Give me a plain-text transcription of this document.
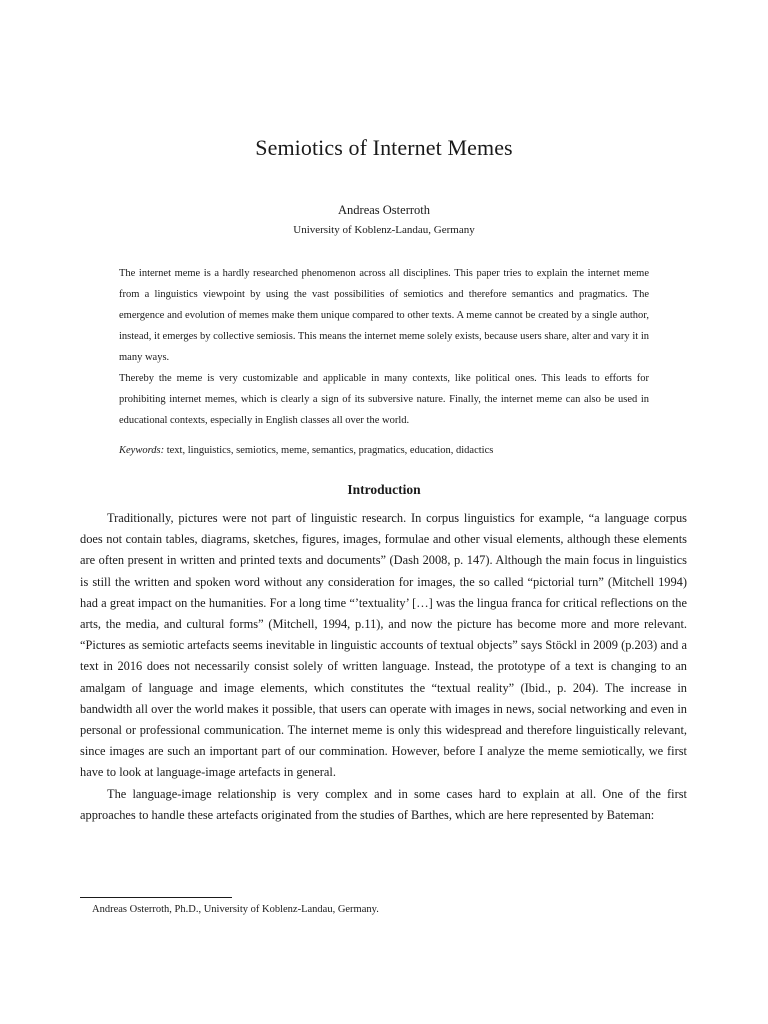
Semiotics of Internet Memes
Andreas Osterroth
University of Koblenz-Landau, Germany

The internet meme is a hardly researched phenomenon across all disciplines. This paper tries to explain the internet meme from a linguistics viewpoint by using the vast possibilities of semiotics and therefore semantics and pragmatics. The emergence and evolution of memes make them unique compared to other texts. A meme cannot be created by a single author, instead, it emerges by collective semiosis. This means the internet meme solely exists, because users share, alter and vary it in many ways.

Thereby the meme is very customizable and applicable in many contexts, like political ones. This leads to efforts for prohibiting internet memes, which is clearly a sign of its subversive nature. Finally, the internet meme can also be used in educational contexts, especially in English classes all over the world.

Keywords: text, linguistics, semiotics, meme, semantics, pragmatics, education, didactics
Introduction

Traditionally, pictures were not part of linguistic research. In corpus linguistics for example, “a language corpus does not contain tables, diagrams, sketches, figures, images, formulae and other visual elements, although these elements are often present in written and printed texts and documents” (Dash 2008, p. 147). Although the main focus in linguistics is still the written and spoken word without any consideration for images, the so called “pictorial turn” (Mitchell 1994) had a great impact on the humanities. For a long time “’textuality’ […] was the lingua franca for critical reflections on the arts, the media, and cultural forms” (Mitchell, 1994, p.11), and now the picture has become more and more relevant. “Pictures as semiotic artefacts seems inevitable in linguistic accounts of textual objects” says Stöckl in 2009 (p.203) and a text in 2016 does not necessarily consist solely of written language. Instead, the prototype of a text is changing to an amalgam of language and image elements, which constitutes the “textual reality” (Ibid., p. 204). The increase in bandwidth all over the world makes it possible, that users can operate with images in news, social networking and even in personal or professional communication. The internet meme is only this widespread and therefore linguistically relevant, since images are such an important part of our commination. However, before I analyze the meme semiotically, we first have to look at language-image artefacts in general.

The language-image relationship is very complex and in some cases hard to explain at all. One of the first approaches to handle these artefacts originated from the studies of Barthes, which are here represented by Bateman:

Andreas Osterroth, Ph.D., University of Koblenz-Landau, Germany.
